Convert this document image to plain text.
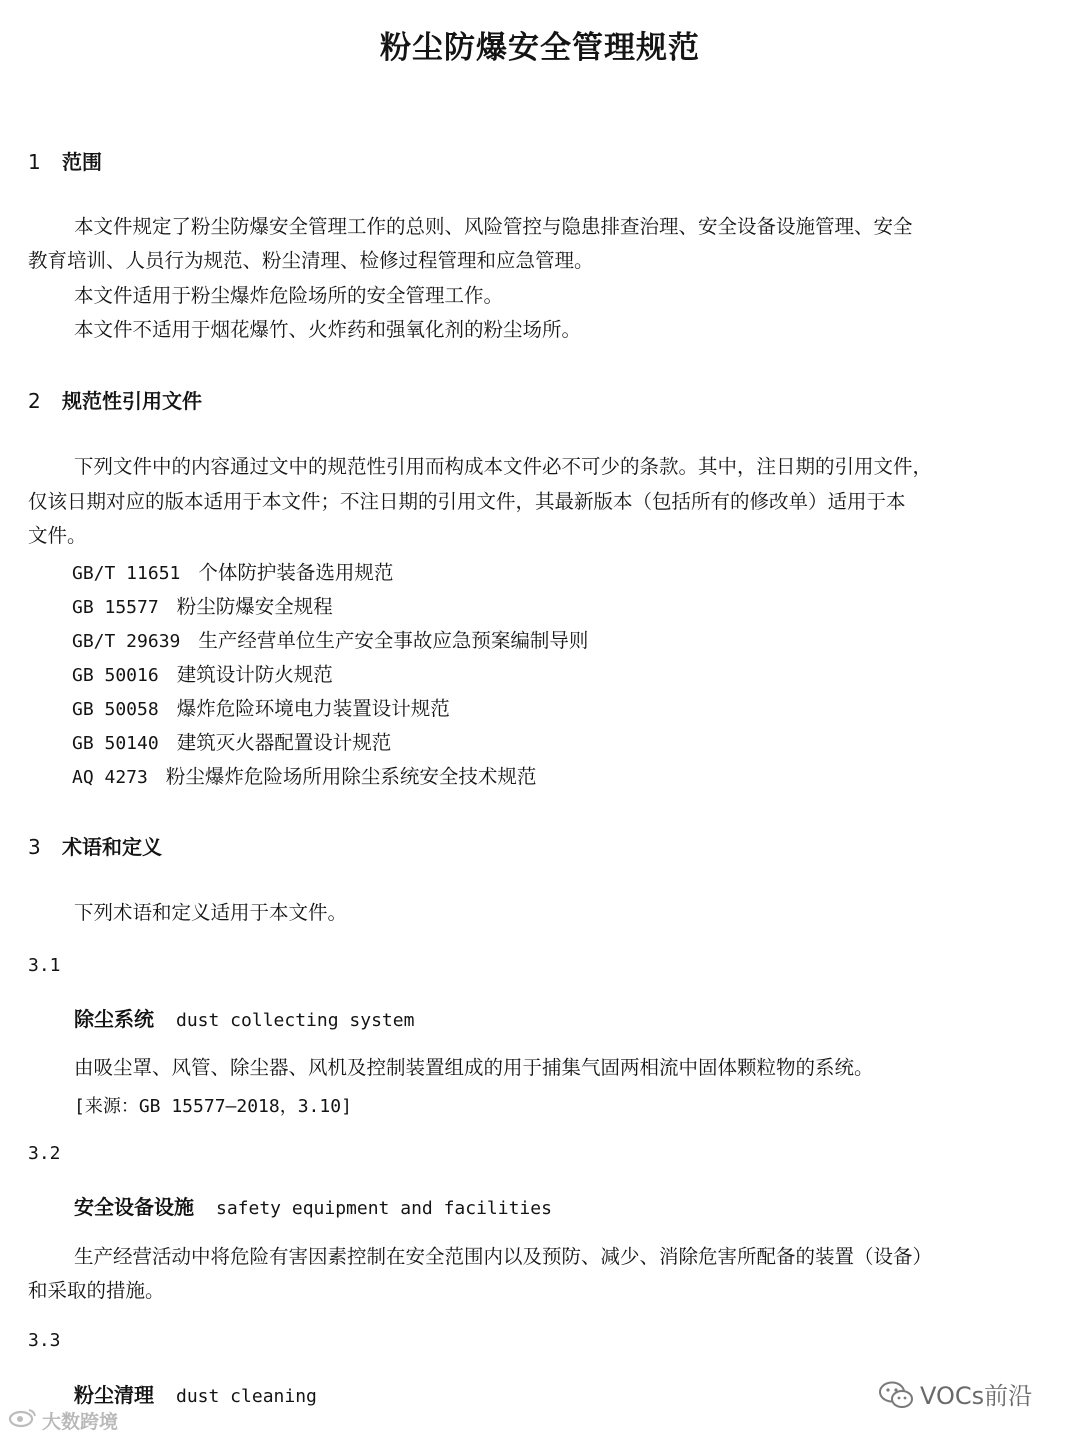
粉尘防爆安全管理规范
1 范围
本文件规定了粉尘防爆安全管理工作的总则、风险管控与隐患排查治理、安全设备设施管理、安全
教育培训、人员行为规范、粉尘清理、检修过程管理和应急管理。
本文件适用于粉尘爆炸危险场所的安全管理工作。
本文件不适用于烟花爆竹、火炸药和强氧化剂的粉尘场所。
2 规范性引用文件
下列文件中的内容通过文中的规范性引用而构成本文件必不可少的条款。其中，注日期的引用文件，
仅该日期对应的版本适用于本文件；不注日期的引用文件，其最新版本（包括所有的修改单）适用于本
文件。
GB/T 11651 个体防护装备选用规范
GB 15577 粉尘防爆安全规程
GB/T 29639 生产经营单位生产安全事故应急预案编制导则
GB 50016 建筑设计防火规范
GB 50058 爆炸危险环境电力装置设计规范
GB 50140 建筑灭火器配置设计规范
AQ 4273 粉尘爆炸危险场所用除尘系统安全技术规范
3 术语和定义
下列术语和定义适用于本文件。
3.1
除尘系统 dust collecting system
由吸尘罩、风管、除尘器、风机及控制装置组成的用于捕集气固两相流中固体颗粒物的系统。
[来源：GB 15577—2018，3.10]
3.2
安全设备设施 safety equipment and facilities
生产经营活动中将危险有害因素控制在安全范围内以及预防、减少、消除危害所配备的装置（设备）
和采取的措施。
3.3
粉尘清理 dust cleaning
大数跨境
VOCs前沿
